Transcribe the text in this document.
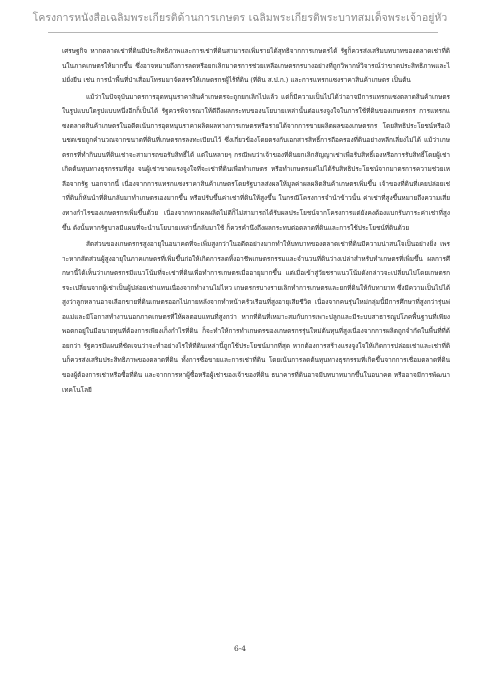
โครงการหนังสือเฉลิมพระเกียรติด้านการเกษตร เฉลิมพระเกียรติพระบาทสมเด็จพระเจ้าอยู่หัว

เศรษฐกิจ หากตลาดเช่าที่ดินมีประสิทธิภาพและการเช่าที่ดินสามารถเพิ่มรายได้สุทธิจากการเกษตรได้ รัฐก็ควรส่งเสริมบทบาทของตลาดเช่าที่ดินในภาคเกษตรให้มากขึ้น ซึ่งอาจหมายถึงการลดหรือยกเลิกมาตรการช่วยเหลือเกษตรกรบางอย่างที่ถูกวิพากษ์วิจารณ์ว่าขาดประสิทธิภาพและไม่ยั่งยืน เช่น การนำพื้นที่ป่าเสื่อมโทรมมาจัดสรรให้เกษตรกรผู้ไร้ที่ดิน (ที่ดิน ส.ป.ก.) และการแทรกแซงราคาสินค้าเกษตร เป็นต้น

แม้ว่าในปัจจุบันมาตรการอุดหนุนราคาสินค้าเกษตรจะถูกยกเลิกไปแล้ว แต่ก็มีความเป็นไปได้ว่าอาจมีการแทรกแซงตลาดสินค้าเกษตรในรูปแบบใดรูปแบบหนึ่งอีกก็เป็นได้ รัฐควรพิจารณาให้ดีถึงผลกระทบของนโยบายเหล่านั้นต่อแรงจูงใจในการใช้ที่ดินของเกษตรกร การแทรกแซงตลาดสินค้าเกษตรในอดีตเน้นการอุดหนุนราคาผลิตผลทางการเกษตรหรือรายได้จากการขายผลิตผลของเกษตรกร โดยสิทธิประโยชน์หรือเงินชดเชยถูกคำนวณจากขนาดที่ดินที่เกษตรกรลงทะเบียนไว้ ซึ่งเกี่ยวข้องโดยตรงกับเอกสารสิทธิ์การถือครองที่ดินอย่างหลีกเลี่ยงไม่ได้ แม้ว่าเกษตรกรที่ทำกินบนที่ดินเช่าจะสามารถขอรับสิทธิ์ได้ แต่ในหลายๆ กรณีพบว่าเจ้าของที่ดินยกเลิกสัญญาเช่าเพื่อรับสิทธิ์เองหรือการรับสิทธิ์โดยผู้เช่าเกิดต้นทุนทางธุรกรรมที่สูง จนผู้เช่าขาดแรงจูงใจที่จะเช่าที่ดินเพื่อทำเกษตร หรือทำเกษตรแต่ไม่ได้รับสิทธิประโยชน์จากมาตรการความช่วยเหลือจากรัฐ นอกจากนี้ เนื่องจากการแทรกแซงราคาสินค้าเกษตรโดยรัฐบาลส่งผลให้มูลค่าผลผลิตสินค้าเกษตรเพิ่มขึ้น เจ้าของที่ดินที่เคยปล่อยเช่าที่ดินก็หันนำที่ดินกลับมาทำเกษตรเองมากขึ้น หรือปรับขึ้นค่าเช่าที่ดินให้สูงขึ้น ในกรณีโครงการจำนำข้าวนั้น ค่าเช่าที่สูงขึ้นหมายถึงความเสี่ยงทางกำไรของเกษตรกรเพิ่มขึ้นด้วย เนื่องจากหากผลผลิตไม่ดีก็ไม่สามารถได้รับผลประโยชน์จากโครงการแต่ยังคงต้องแบกรับภาระค่าเช่าที่สูงขึ้น ดังนั้นหากรัฐบาลมีแผนที่จะนำนโยบายเหล่านี้กลับมาใช้ ก็ควรคำนึงถึงผลกระทบต่อตลาดที่ดินและการใช้ประโยชน์ที่ดินด้วย

สัดส่วนของเกษตรกรสูงอายุในอนาคตที่จะเพิ่มสูงกว่าในอดีตอย่างมากทำให้บทบาทของตลาดเช่าที่ดินมีความน่าสนใจเป็นอย่างยิ่ง เพราะหากสัดส่วนผู้สูงอายุในภาคเกษตรที่เพิ่มขึ้นก่อให้เกิดการลดทิ้งอาชีพเกษตรกรรมและจำนวนที่ดินว่างเปล่าสำหรับทำเกษตรที่เพิ่มขึ้น ผลการศึกษานี้ได้เห็นว่าเกษตรกรมีแนวโน้มที่จะเช่าที่ดินเพื่อทำการเกษตรเมื่ออายุมากขึ้น แต่เมื่อเข้าสู่วัยชราแนวโน้มดังกล่าวจะเปลี่ยนไปโดยเกษตรกรจะเปลี่ยนจากผู้เช่าเป็นผู้ปล่อยเช่าแทนเนื่องจากทำงานไม่ไหว เกษตรกรบางรายเลิกทำการเกษตรและยกที่ดินให้กับทายาท ซึ่งมีความเป็นไปได้สูงว่าลูกหลานอาจเลือกขายที่ดินเกษตรออกไปภายหลังจากทำหน้าครัวเรือนที่สูงอายุเสียชีวิต เนื่องจากคนรุ่นใหม่กลุ่มนี้มีการศึกษาที่สูงกว่ารุ่นพ่อแม่และมีโอกาสทำงานนอกภาคเกษตรที่ให้ผลตอบแทนที่สูงกว่า หากที่ดินที่เหมาะสมกับการเพาะปลูกและมีระบบสาธารณูปโภคพื้นฐานที่เพียงพอตกอยู่ในมือนายทุนที่ต้องการเพียงเก็งกำไรที่ดิน ก็จะทำให้การทำเกษตรของเกษตรกรรุ่นใหม่ต้นทุนที่สูงเนื่องจากการผลิตถูกจำกัดในพื้นที่ที่ด้อยกว่า รัฐควรมีแผนที่ชัดเจนว่าจะทำอย่างไรให้ที่ดินเหล่านี้ถูกใช้ประโยชน์มากที่สุด หากต้องการสร้างแรงจูงใจให้เกิดการปล่อยเช่าและเช่าที่ดินก็ควรส่งเสริมประสิทธิภาพของตลาดที่ดิน ทั้งการซื้อขายและการเช่าที่ดิน โดยเน้นการลดต้นทุนทางธุรกรรมที่เกิดขึ้นจากการเชื่อมตลาดที่ดินของผู้ต้องการเช่าหรือซื้อที่ดิน และจากการหาผู้ซื้อหรือผู้เช่าของเจ้าของที่ดิน ธนาคารที่ดินอาจมีบทบาทมากขึ้นในอนาคต หรืออาจมีการพัฒนาเทคโนโลยี

6-4
